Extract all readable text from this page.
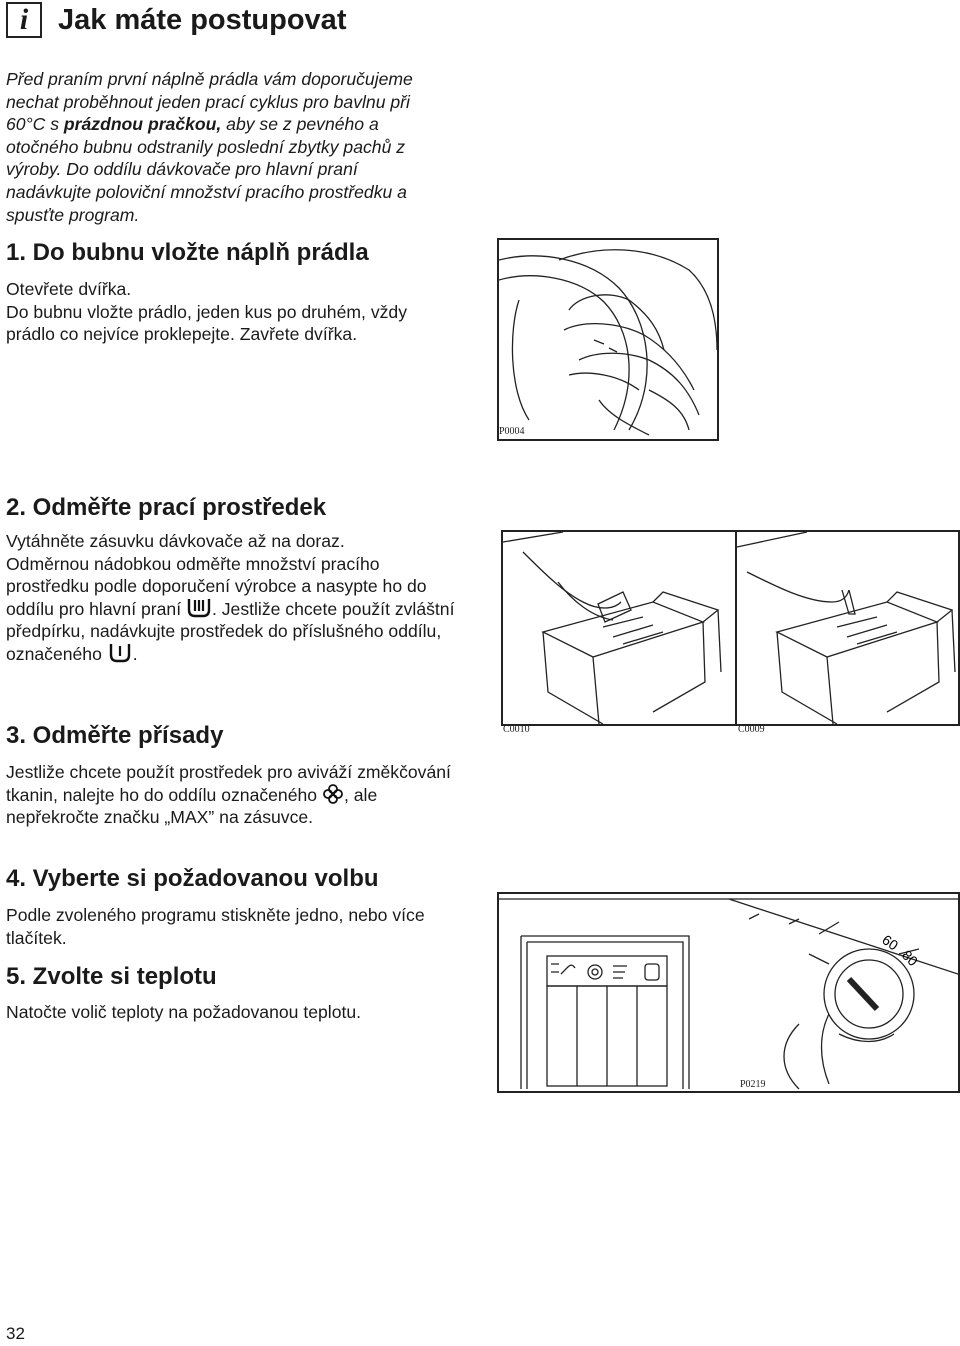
i Jak máte postupovat
Před praním první náplně prádla vám doporučujeme nechat proběhnout jeden prací cyklus pro bavlnu při 60°C s prázdnou pračkou, aby se z pevného a otočného bubnu odstranily poslední zbytky pachů z výroby. Do oddílu dávkovače pro hlavní praní nadávkujte poloviční množství pracího prostředku a spusťte program.
1. Do bubnu vložte náplň prádla

Otevřete dvířka.

Do bubnu vložte prádlo, jeden kus po druhém, vždy prádlo co nejvíce proklepejte. Zavřete dvířka.

P0004
2. Odměřte prací prostředek

Vytáhněte zásuvku dávkovače až na doraz.

Odměrnou nádobkou odměřte množství pracího prostředku podle doporučení výrobce a nasypte ho do oddílu pro hlavní praní . Jestliže chcete použít zvláštní předpírku, nadávkujte prostředek do příslušného oddílu, označeného .

C0010	C0009
3. Odměřte přísady

Jestliže chcete použít prostředek pro aviváží změkčování tkanin, nalejte ho do oddílu označeného , ale nepřekročte značku „MAX” na zásuvce.

4. Vyberte si požadovanou volbu

Podle zvoleného programu stiskněte jedno, nebo více tlačítek.

5. Zvolte si teplotu

Natočte volič teploty na požadovanou teplotu.

60
80
P0219
32
